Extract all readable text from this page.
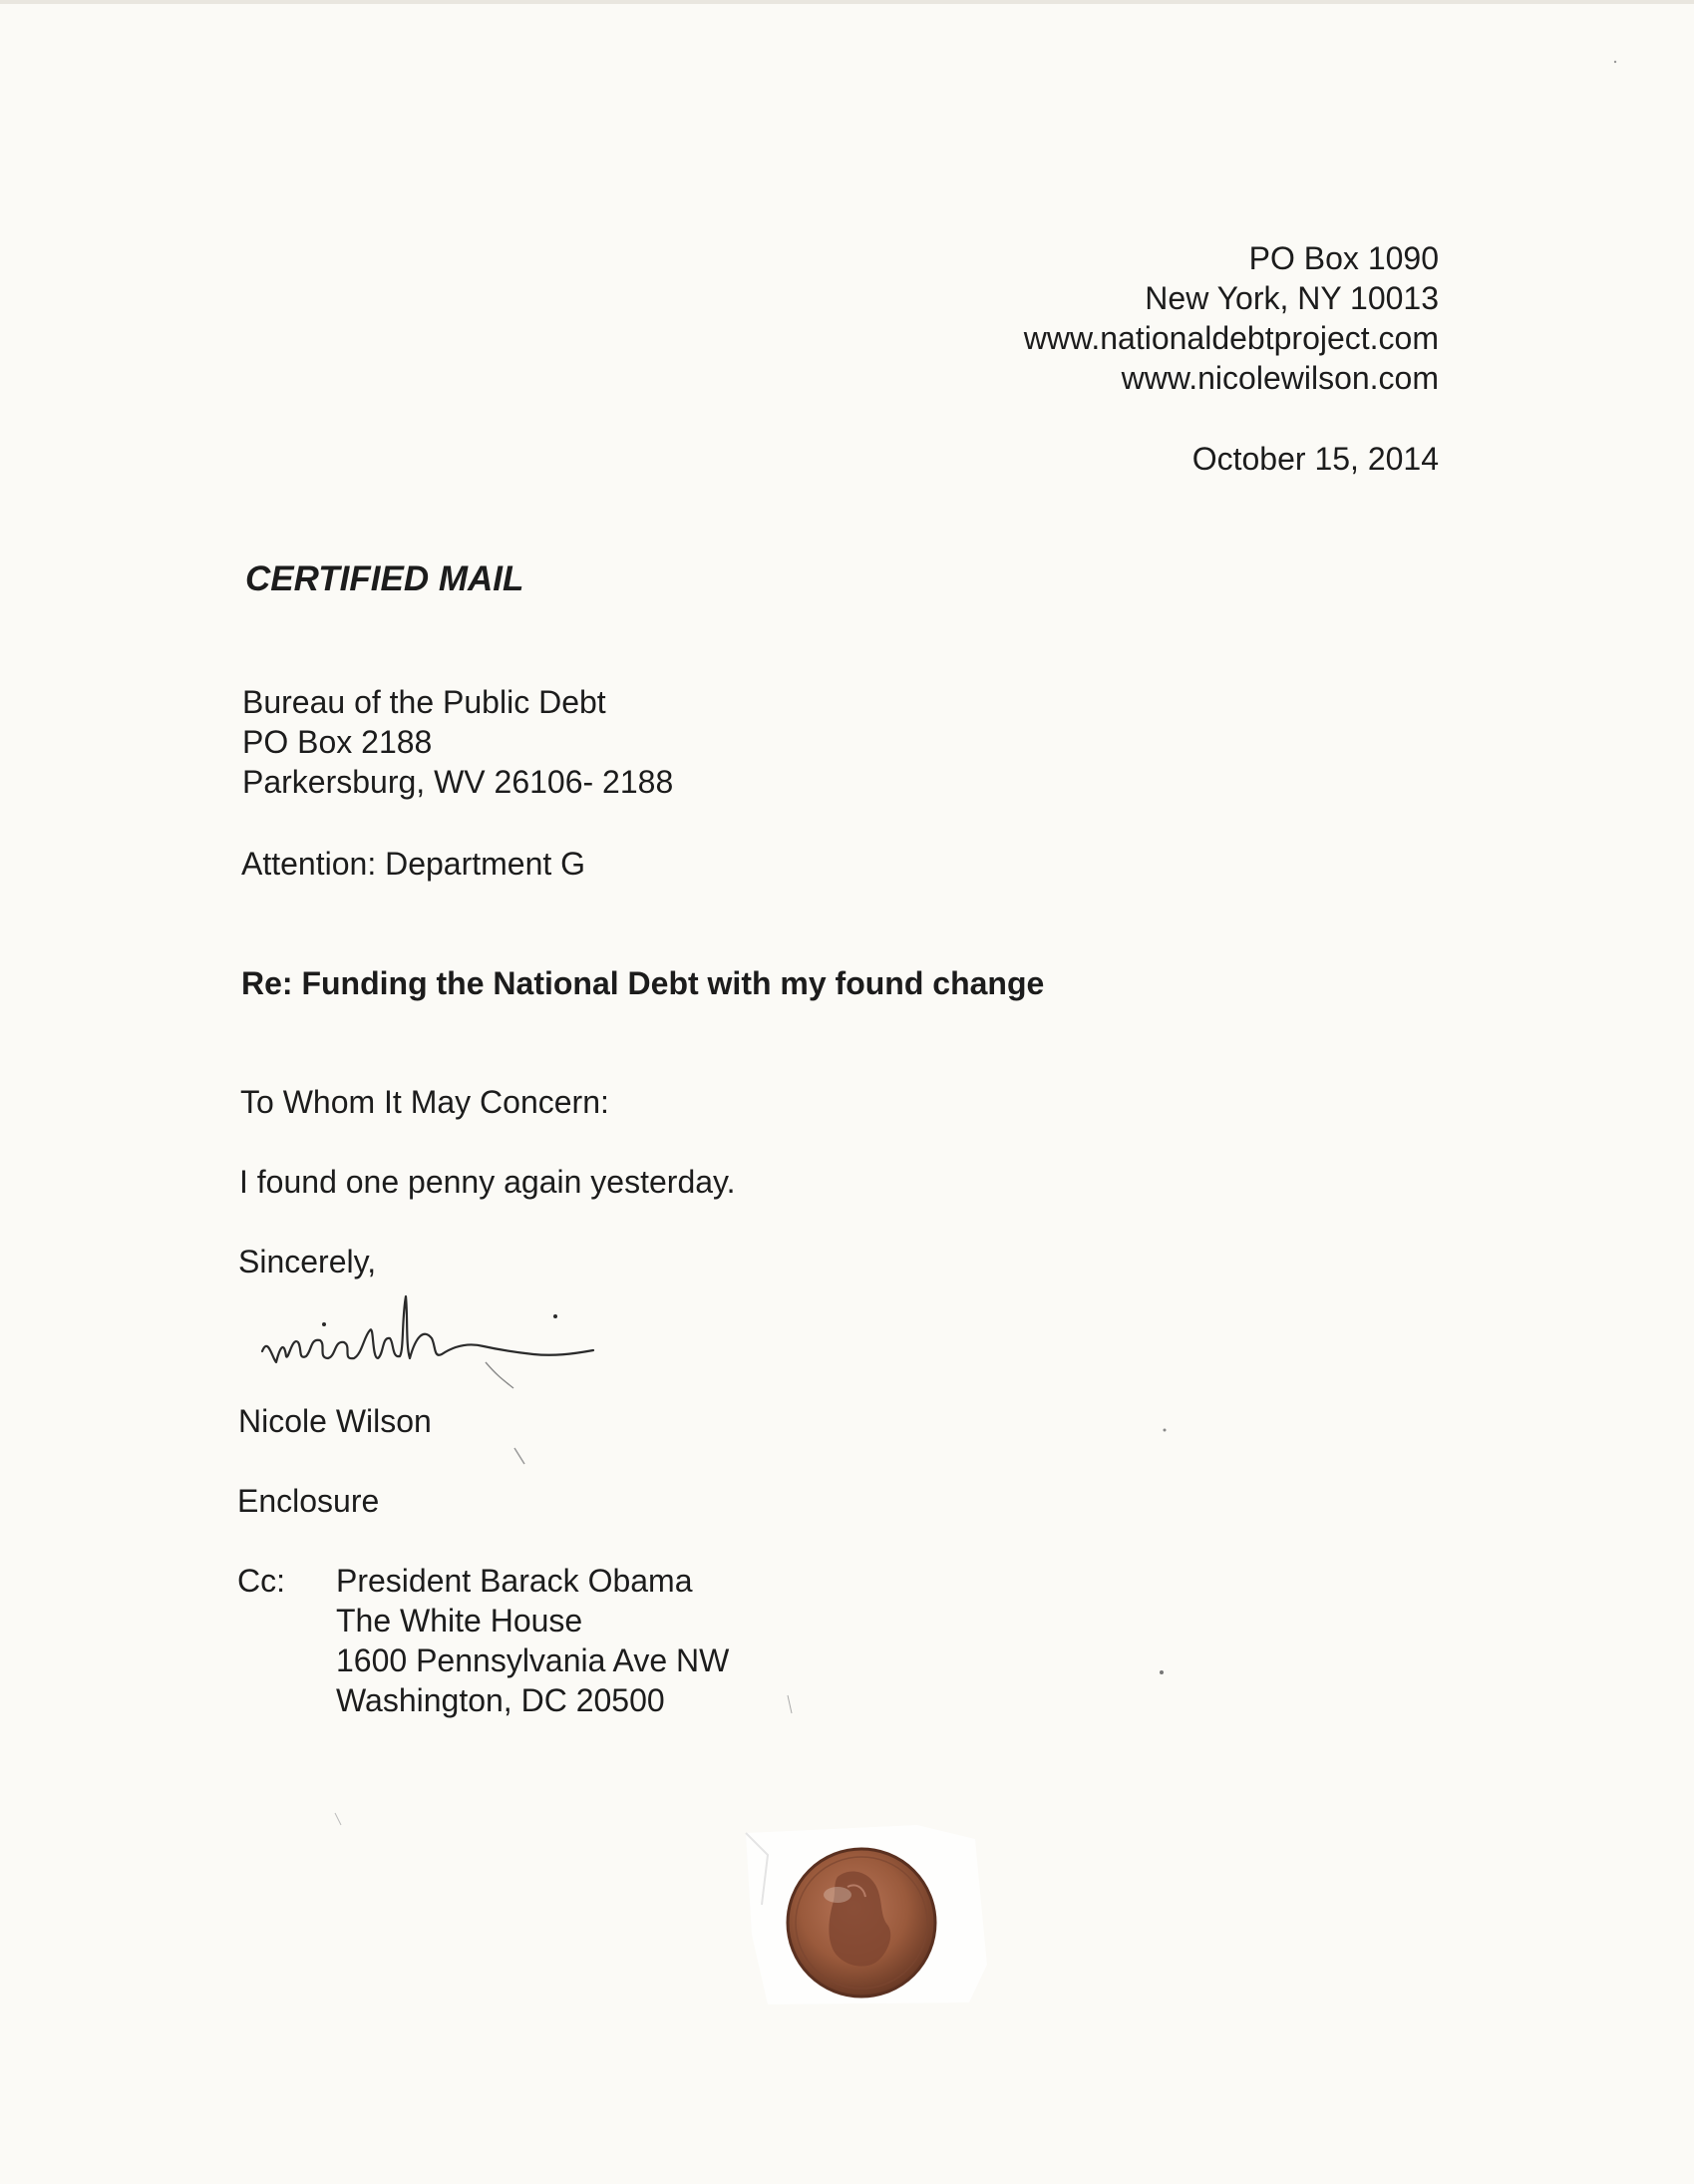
PO Box 1090
New York, NY 10013
www.nationaldebtproject.com
www.nicolewilson.com
October 15, 2014
CERTIFIED MAIL
Bureau of the Public Debt
PO Box 2188
Parkersburg, WV 26106- 2188
Attention: Department G
Re: Funding the National Debt with my found change
To Whom It May Concern:
I found one penny again yesterday.
Sincerely,
Nicole Wilson
Enclosure
Cc: President Barack Obama
The White House
1600 Pennsylvania Ave NW
Washington, DC 20500
